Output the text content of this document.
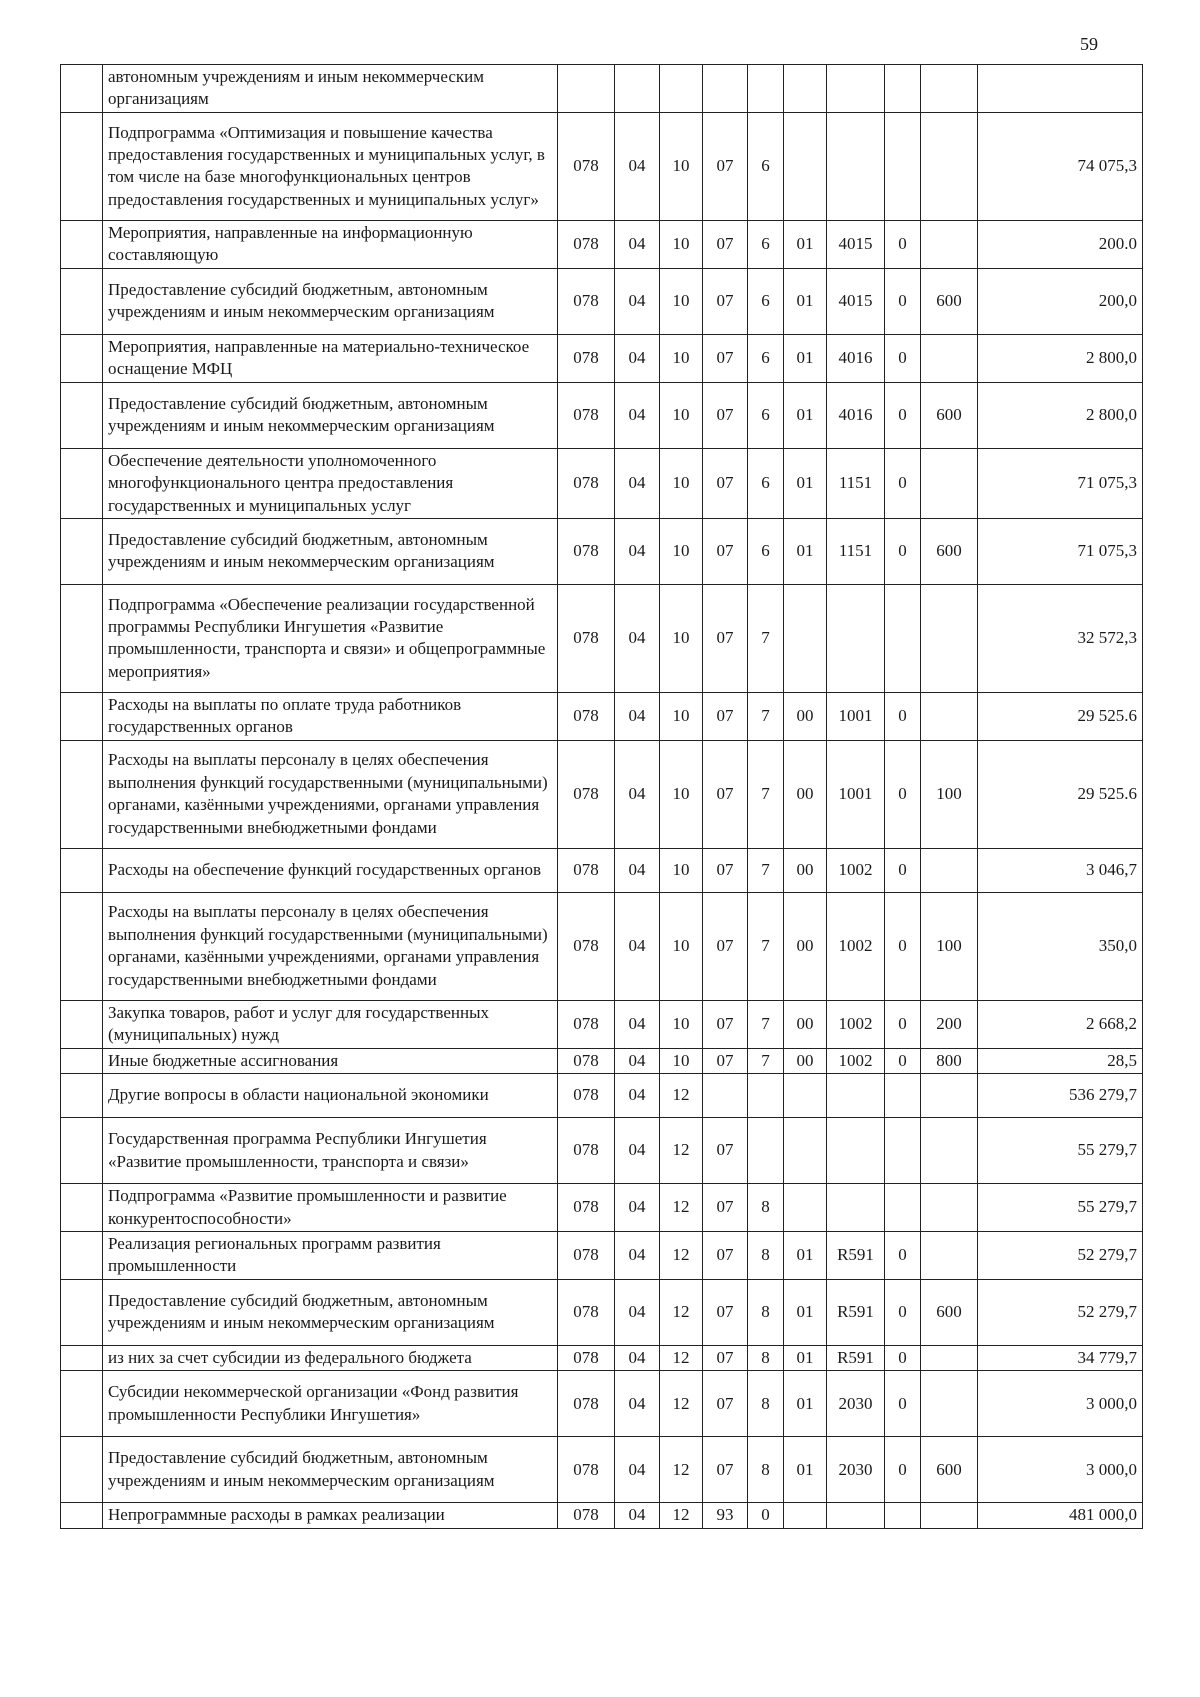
59
	автономным учреждениям и иным некоммерческим организациям										
	Подпрограмма «Оптимизация и повышение качества предоставления государственных и муниципальных услуг, в том числе на базе многофункциональных центров предоставления государственных и муниципальных услуг»	078	04	10	07	6					74 075,3
	Мероприятия, направленные на информационную составляющую	078	04	10	07	6	01	4015	0		200.0
	Предоставление субсидий бюджетным, автономным учреждениям и иным некоммерческим организациям	078	04	10	07	6	01	4015	0	600	200,0
	Мероприятия, направленные на материально-техническое оснащение МФЦ	078	04	10	07	6	01	4016	0		2 800,0
	Предоставление субсидий бюджетным, автономным учреждениям и иным некоммерческим организациям	078	04	10	07	6	01	4016	0	600	2 800,0
	Обеспечение деятельности уполномоченного многофункционального центра предоставления государственных и муниципальных услуг	078	04	10	07	6	01	1151	0		71 075,3
	Предоставление субсидий бюджетным, автономным учреждениям и иным некоммерческим организациям	078	04	10	07	6	01	1151	0	600	71 075,3
	Подпрограмма «Обеспечение реализации государственной программы Республики Ингушетия «Развитие промышленности, транспорта и связи» и общепрограммные мероприятия»	078	04	10	07	7					32 572,3
	Расходы на выплаты по оплате труда работников государственных органов	078	04	10	07	7	00	1001	0		29 525.6
	Расходы на выплаты персоналу в целях обеспечения выполнения функций государственными (муниципальными) органами, казёнными учреждениями, органами управления государственными внебюджетными фондами	078	04	10	07	7	00	1001	0	100	29 525.6
	Расходы на обеспечение функций государственных органов	078	04	10	07	7	00	1002	0		3 046,7
	Расходы на выплаты персоналу в целях обеспечения выполнения функций государственными (муниципальными) органами, казёнными учреждениями, органами управления государственными внебюджетными фондами	078	04	10	07	7	00	1002	0	100	350,0
	Закупка товаров, работ и услуг для государственных (муниципальных) нужд	078	04	10	07	7	00	1002	0	200	2 668,2
	Иные бюджетные ассигнования	078	04	10	07	7	00	1002	0	800	28,5
	Другие вопросы в области национальной экономики	078	04	12							536 279,7
	Государственная программа Республики Ингушетия «Развитие промышленности, транспорта и связи»	078	04	12	07						55 279,7
	Подпрограмма «Развитие промышленности и развитие конкурентоспособности»	078	04	12	07	8					55 279,7
	Реализация региональных программ развития промышленности	078	04	12	07	8	01	R591	0		52 279,7
	Предоставление субсидий бюджетным, автономным учреждениям и иным некоммерческим организациям	078	04	12	07	8	01	R591	0	600	52 279,7
	из них за счет субсидии из федерального бюджета	078	04	12	07	8	01	R591	0		34 779,7
	Субсидии некоммерческой организации «Фонд развития промышленности Республики Ингушетия»	078	04	12	07	8	01	2030	0		3 000,0
	Предоставление субсидий бюджетным, автономным учреждениям и иным некоммерческим организациям	078	04	12	07	8	01	2030	0	600	3 000,0
	Непрограммные расходы в рамках реализации	078	04	12	93	0					481 000,0
